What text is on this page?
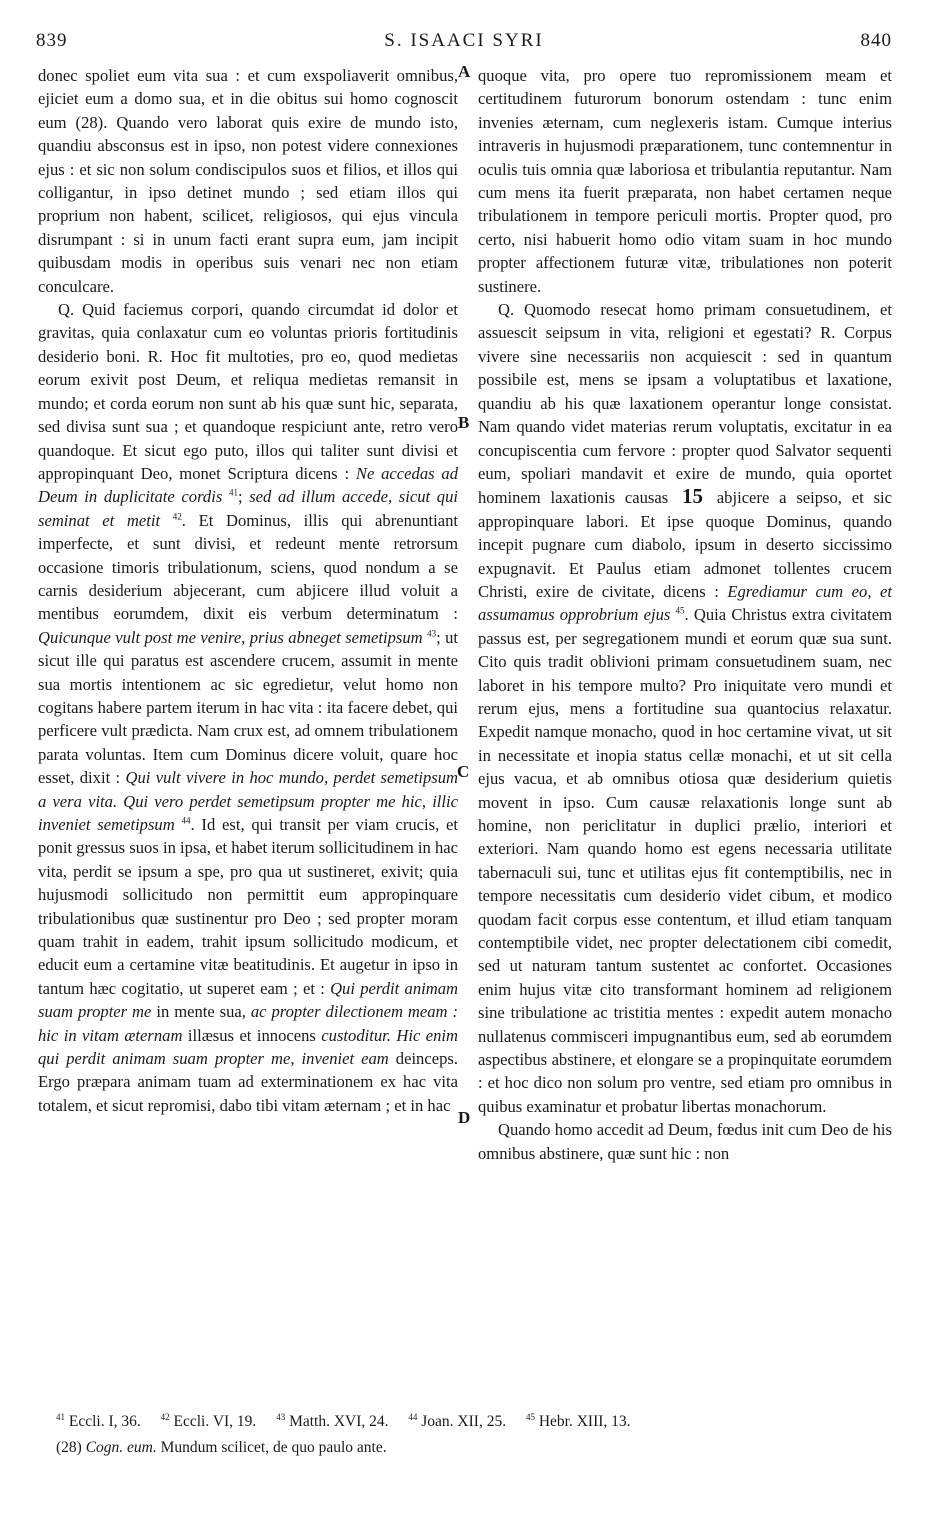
839	S. ISAACI SYRI	840
A
B
C
D

donec spoliet eum vita sua : et cum exspoliaverit omnibus, ejiciet eum a domo sua, et in die obitus sui homo cognoscit eum (28). Quando vero laborat quis exire de mundo isto, quandiu absconsus est in ipso, non potest videre connexiones ejus : et sic non solum condiscipulos suos et filios, et illos qui colligantur, in ipso detinet mundo ; sed etiam illos qui proprium non habent, scilicet, religiosos, qui ejus vincula disrumpant : si in unum facti erant supra eum, jam incipit quibusdam modis in operibus suis venari nec non etiam conculcare.

Q. Quid faciemus corpori, quando circumdat id dolor et gravitas, quia conlaxatur cum eo voluntas prioris fortitudinis desiderio boni. R. Hoc fit multoties, pro eo, quod medietas eorum exivit post Deum, et reliqua medietas remansit in mundo; et corda eorum non sunt ab his quæ sunt hic, separata, sed divisa sunt sua ; et quandoque respiciunt ante, retro vero quandoque. Et sicut ego puto, illos qui taliter sunt divisi et appropinquant Deo, monet Scriptura dicens : Ne accedas ad Deum in duplicitate cordis $^{41}$; sed ad illum accede, sicut qui seminat et metit $^{42}$. Et Dominus, illis qui abrenuntiant imperfecte, et sunt divisi, et redeunt mente retrorsum occasione timoris tribulationum, sciens, quod nondum a se carnis desiderium abjecerant, cum abjicere illud voluit a mentibus eorumdem, dixit eis verbum determinatum : Quicunque vult post me venire, prius abneget semetipsum $^{43}$; ut sicut ille qui paratus est ascendere crucem, assumit in mente sua mortis intentionem ac sic egredietur, velut homo non cogitans habere partem iterum in hac vita : ita facere debet, qui perficere vult prædicta. Nam crux est, ad omnem tribulationem parata voluntas. Item cum Dominus dicere voluit, quare hoc esset, dixit : Qui vult vivere in hoc mundo, perdet semetipsum a vera vita. Qui vero perdet semetipsum propter me hic, illic inveniet semetipsum $^{44}$. Id est, qui transit per viam crucis, et ponit gressus suos in ipsa, et habet iterum sollicitudinem in hac vita, perdit se ipsum a spe, pro qua ut sustineret, exivit; quia hujusmodi sollicitudo non permittit eum appropinquare tribulationibus quæ sustinentur pro Deo ; sed propter moram quam trahit in eadem, trahit ipsum sollicitudo modicum, et educit eum a certamine vitæ beatitudinis. Et augetur in ipso in tantum hæc cogitatio, ut superet eam ; et : Qui perdit animam suam propter me in mente sua, ac propter dilectionem meam : hic in vitam æternam illæsus et innocens custoditur. Hic enim qui perdit animam suam propter me, inveniet eam deinceps. Ergo præpara animam tuam ad exterminationem ex hac vita totalem, et sicut repromisi, dabo tibi vitam æternam ; et in hac

quoque vita, pro opere tuo repromissionem meam et certitudinem futurorum bonorum ostendam : tunc enim invenies æternam, cum neglexeris istam. Cumque interius intraveris in hujusmodi præparationem, tunc contemnentur in oculis tuis omnia quæ laboriosa et tribulantia reputantur. Nam cum mens ita fuerit præparata, non habet certamen neque tribulationem in tempore periculi mortis. Propter quod, pro certo, nisi habuerit homo odio vitam suam in hoc mundo propter affectionem futuræ vitæ, tribulationes non poterit sustinere.

Q. Quomodo resecat homo primam consuetudinem, et assuescit seipsum in vita, religioni et egestati? R. Corpus vivere sine necessariis non acquiescit : sed in quantum possibile est, mens se ipsam a voluptatibus et laxatione, quandiu ab his quæ laxationem operantur longe consistat. Nam quando videt materias rerum voluptatis, excitatur in ea concupiscentia cum fervore : propter quod Salvator sequenti eum, spoliari mandavit et exire de mundo, quia oportet hominem laxationis causas 15 abjicere a seipso, et sic appropinquare labori. Et ipse quoque Dominus, quando incepit pugnare cum diabolo, ipsum in deserto siccissimo expugnavit. Et Paulus etiam admonet tollentes crucem Christi, exire de civitate, dicens : Egrediamur cum eo, et assumamus opprobrium ejus $^{45}$. Quia Christus extra civitatem passus est, per segregationem mundi et eorum quæ sua sunt. Cito quis tradit oblivioni primam consuetudinem suam, nec laboret in his tempore multo? Pro iniquitate vero mundi et rerum ejus, mens a fortitudine sua quantocius relaxatur. Expedit namque monacho, quod in hoc certamine vivat, ut sit in necessitate et inopia status cellæ monachi, et ut sit cella ejus vacua, et ab omnibus otiosa quæ desiderium quietis movent in ipso. Cum causæ relaxationis longe sunt ab homine, non periclitatur in duplici prælio, interiori et exteriori. Nam quando homo est egens necessaria utilitate tabernaculi sui, tunc et utilitas ejus fit contemptibilis, nec in tempore necessitatis cum desiderio videt cibum, et modico quodam facit corpus esse contentum, et illud etiam tanquam contemptibile videt, nec propter delectationem cibi comedit, sed ut naturam tantum sustentet ac confortet. Occasiones enim hujus vitæ cito transformant hominem ad religionem sine tribulatione ac tristitia mentes : expedit autem monacho nullatenus commisceri impugnantibus eum, sed ab eorumdem aspectibus abstinere, et elongare se a propinquitate eorumdem : et hoc dico non solum pro ventre, sed etiam pro omnibus in quibus examinatur et probatur libertas monachorum.

Quando homo accedit ad Deum, fœdus init cum Deo de his omnibus abstinere, quæ sunt hic : non

$^{41}$ Eccli. I, 36. $^{42}$ Eccli. VI, 19. $^{43}$ Matth. XVI, 24. $^{44}$ Joan. XII, 25. $^{45}$ Hebr. XIII, 13.

(28) Cogn. eum. Mundum scilicet, de quo paulo ante.
